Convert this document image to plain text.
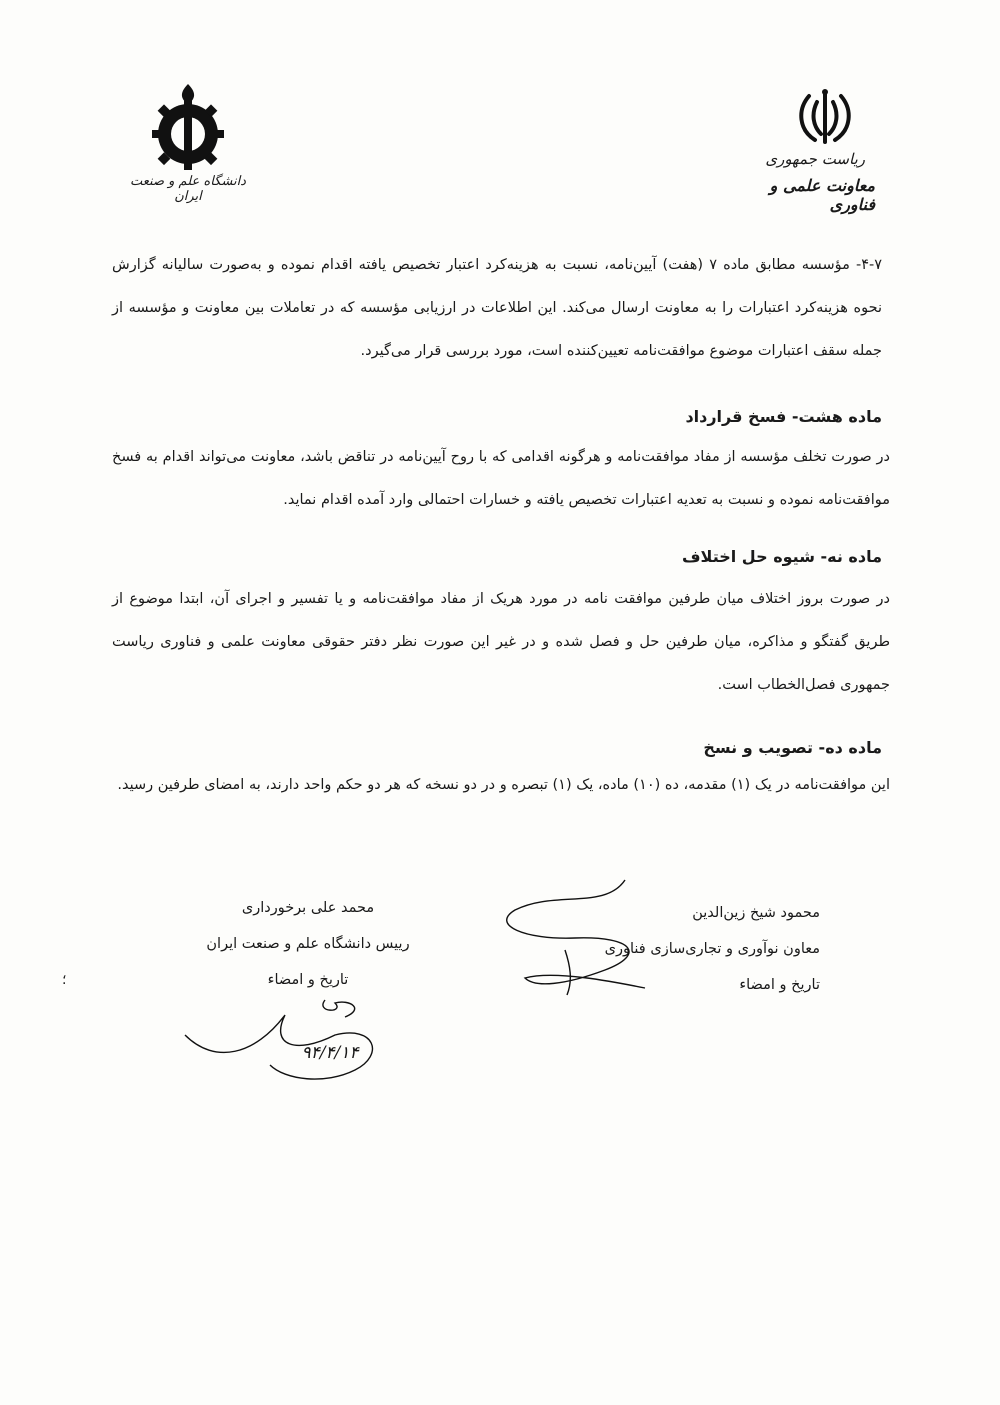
دانشگاه علم و صنعت ایران
ریاست جمهوری
معاونت علمی و فناوری
۴-۷- مؤسسه مطابق ماده ۷ (هفت) آیین‌نامه، نسبت به هزینه‌کرد اعتبار تخصیص یافته اقدام نموده و به‌صورت سالیانه گزارش نحوه هزینه‌کرد اعتبارات را به معاونت ارسال می‌کند. این اطلاعات در ارزیابی مؤسسه که در تعاملات بین معاونت و مؤسسه از جمله سقف اعتبارات موضوع موافقت‌نامه تعیین‌کننده است، مورد بررسی قرار می‌گیرد.
ماده هشت- فسخ قرارداد
در صورت تخلف مؤسسه از مفاد موافقت‌نامه و هرگونه اقدامی که با روح آیین‌نامه در تناقض باشد، معاونت می‌تواند اقدام به فسخ موافقت‌نامه نموده و نسبت به تعدیه اعتبارات تخصیص یافته و خسارات احتمالی وارد آمده اقدام نماید.
ماده نه- شیوه حل اختلاف
در صورت بروز اختلاف میان طرفین موافقت نامه در مورد هریک از مفاد موافقت‌نامه و یا تفسیر و اجرای آن، ابتدا موضوع از طریق گفتگو و مذاکره، میان طرفین حل و فصل شده و در غیر این صورت نظر دفتر حقوقی معاونت علمی و فناوری ریاست جمهوری فصل‌الخطاب است.
ماده ده- تصویب و نسخ
این موافقت‌نامه در یک (۱) مقدمه، ده (۱۰) ماده، یک (۱) تبصره و در دو نسخه که هر دو حکم واحد دارند، به امضای طرفین رسید.
محمود شیخ زین‌الدین
معاون نوآوری و تجاری‌سازی فناوری
تاریخ و امضاء
محمد علی برخورداری
رییس دانشگاه علم و صنعت ایران
تاریخ و امضاء
۹۴/۴/۱۴
؛
